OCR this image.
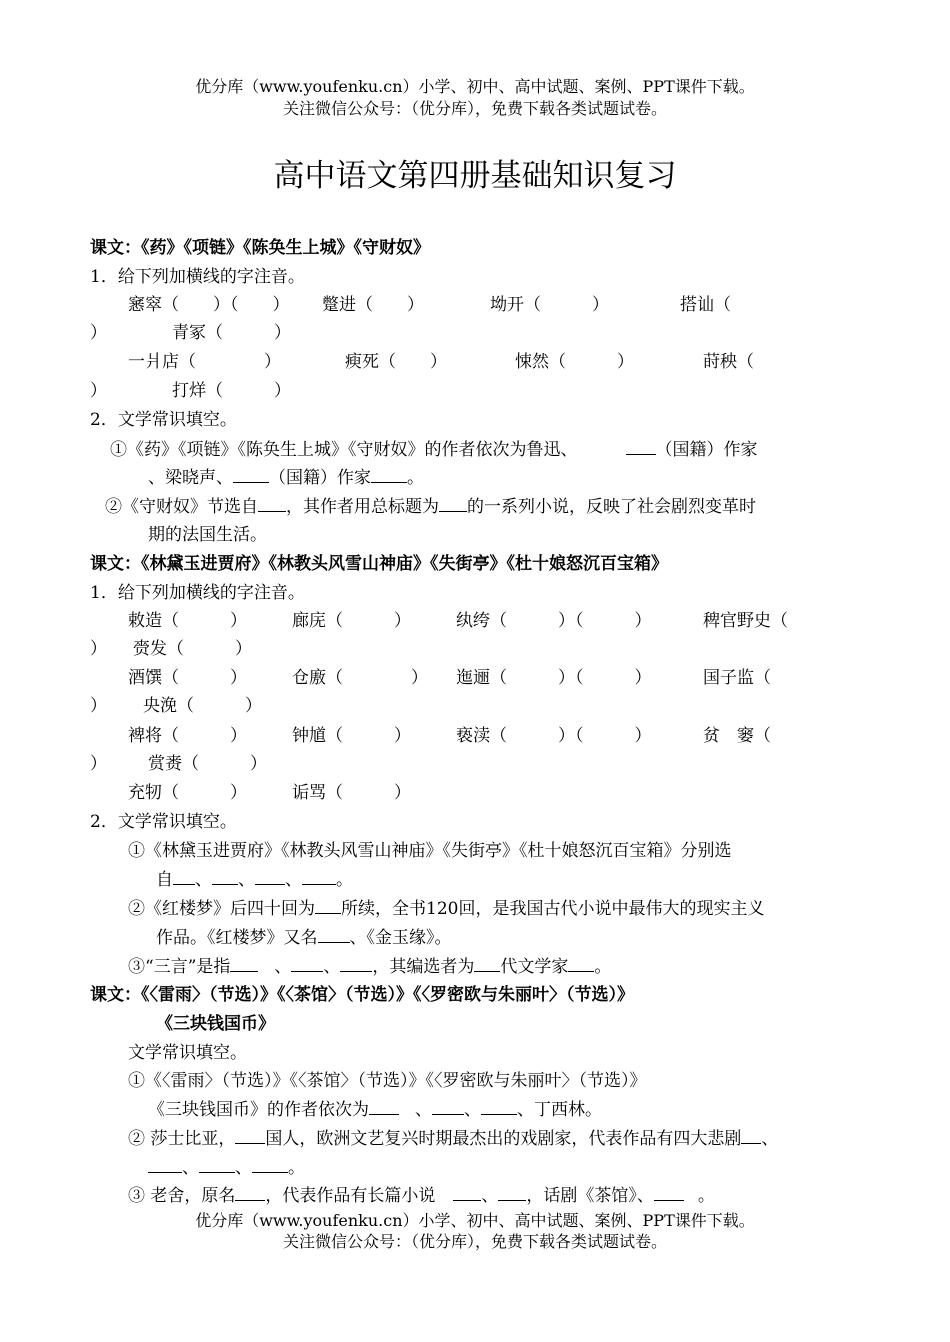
优分库（www.youfenku.cn）小学、初中、高中试题、案例、PPT课件下载。
关注微信公众号：（优分库），免费下载各类试题试卷。
高中语文第四册基础知识复习
课文：《药》《项链》《陈奂生上城》《守财奴》
1．给下列加横线的字注音。
窸窣（　　）（　　） 蹩进（　　）	坳开（　　　）	搭讪（
）	青冢（　　　）
一爿店（　　　　）	瘐死（　　）	悚然（　　　）	莳秧（
）	打烊（　　　）
2．文学常识填空。
①《药》《项链》《陈奂生上城》《守财奴》的作者依次为鲁迅、	（国籍）作家
、梁晓声、 （国籍）作家 。
②《守财奴》节选自 ，其作者用总标题为 的一系列小说，反映了社会剧烈变革时
期的法国生活。
课文：《林黛玉进贾府》《林教头风雪山神庙》《失街亭》《杜十娘怒沉百宝箱》
1．给下列加横线的字注音。
敕造（　　　）	廊庑（　　　）	纨绔（　　　）（　　　）	稗官野史（
） 赍发（　　　）
酒馔（　　　）	仓廒（　　　　） 迤逦（　　　）（　　　）	国子监（
） 央浼（　　　）
裨将（　　　）	钟馗（　　　）	亵渎（　　　）（　　　）	贫　窭（
） 赏赉（　　　）
充牣（　　　）	诟骂（　　　）
2．文学常识填空。
①《林黛玉进贾府》《林教头风雪山神庙》《失街亭》《杜十娘怒沉百宝箱》分别选
自 、 、 、 。
②《红楼梦》后四十回为 所续，全书120回，是我国古代小说中最伟大的现实主义
作品。《红楼梦》又名 、《金玉缘》。
③“三言”是指	、 、 ，其编选者为 代文学家 。
课文：《〈雷雨〉（节选）》《〈茶馆〉（节选）》《〈罗密欧与朱丽叶〉（节选）》
《三块钱国币》
文学常识填空。
①《〈雷雨〉（节选）》《〈茶馆〉（节选）》《〈罗密欧与朱丽叶〉（节选）》
《三块钱国币》的作者依次为	、 、 、丁西林。
② 莎士比亚， 国人，欧洲文艺复兴时期最杰出的戏剧家，代表作品有四大悲剧 、
、 、 。
③ 老舍，原名 ，代表作品有长篇小说	、 ，话剧《茶馆》、	。
优分库（www.youfenku.cn）小学、初中、高中试题、案例、PPT课件下载。
关注微信公众号：（优分库），免费下载各类试题试卷。
